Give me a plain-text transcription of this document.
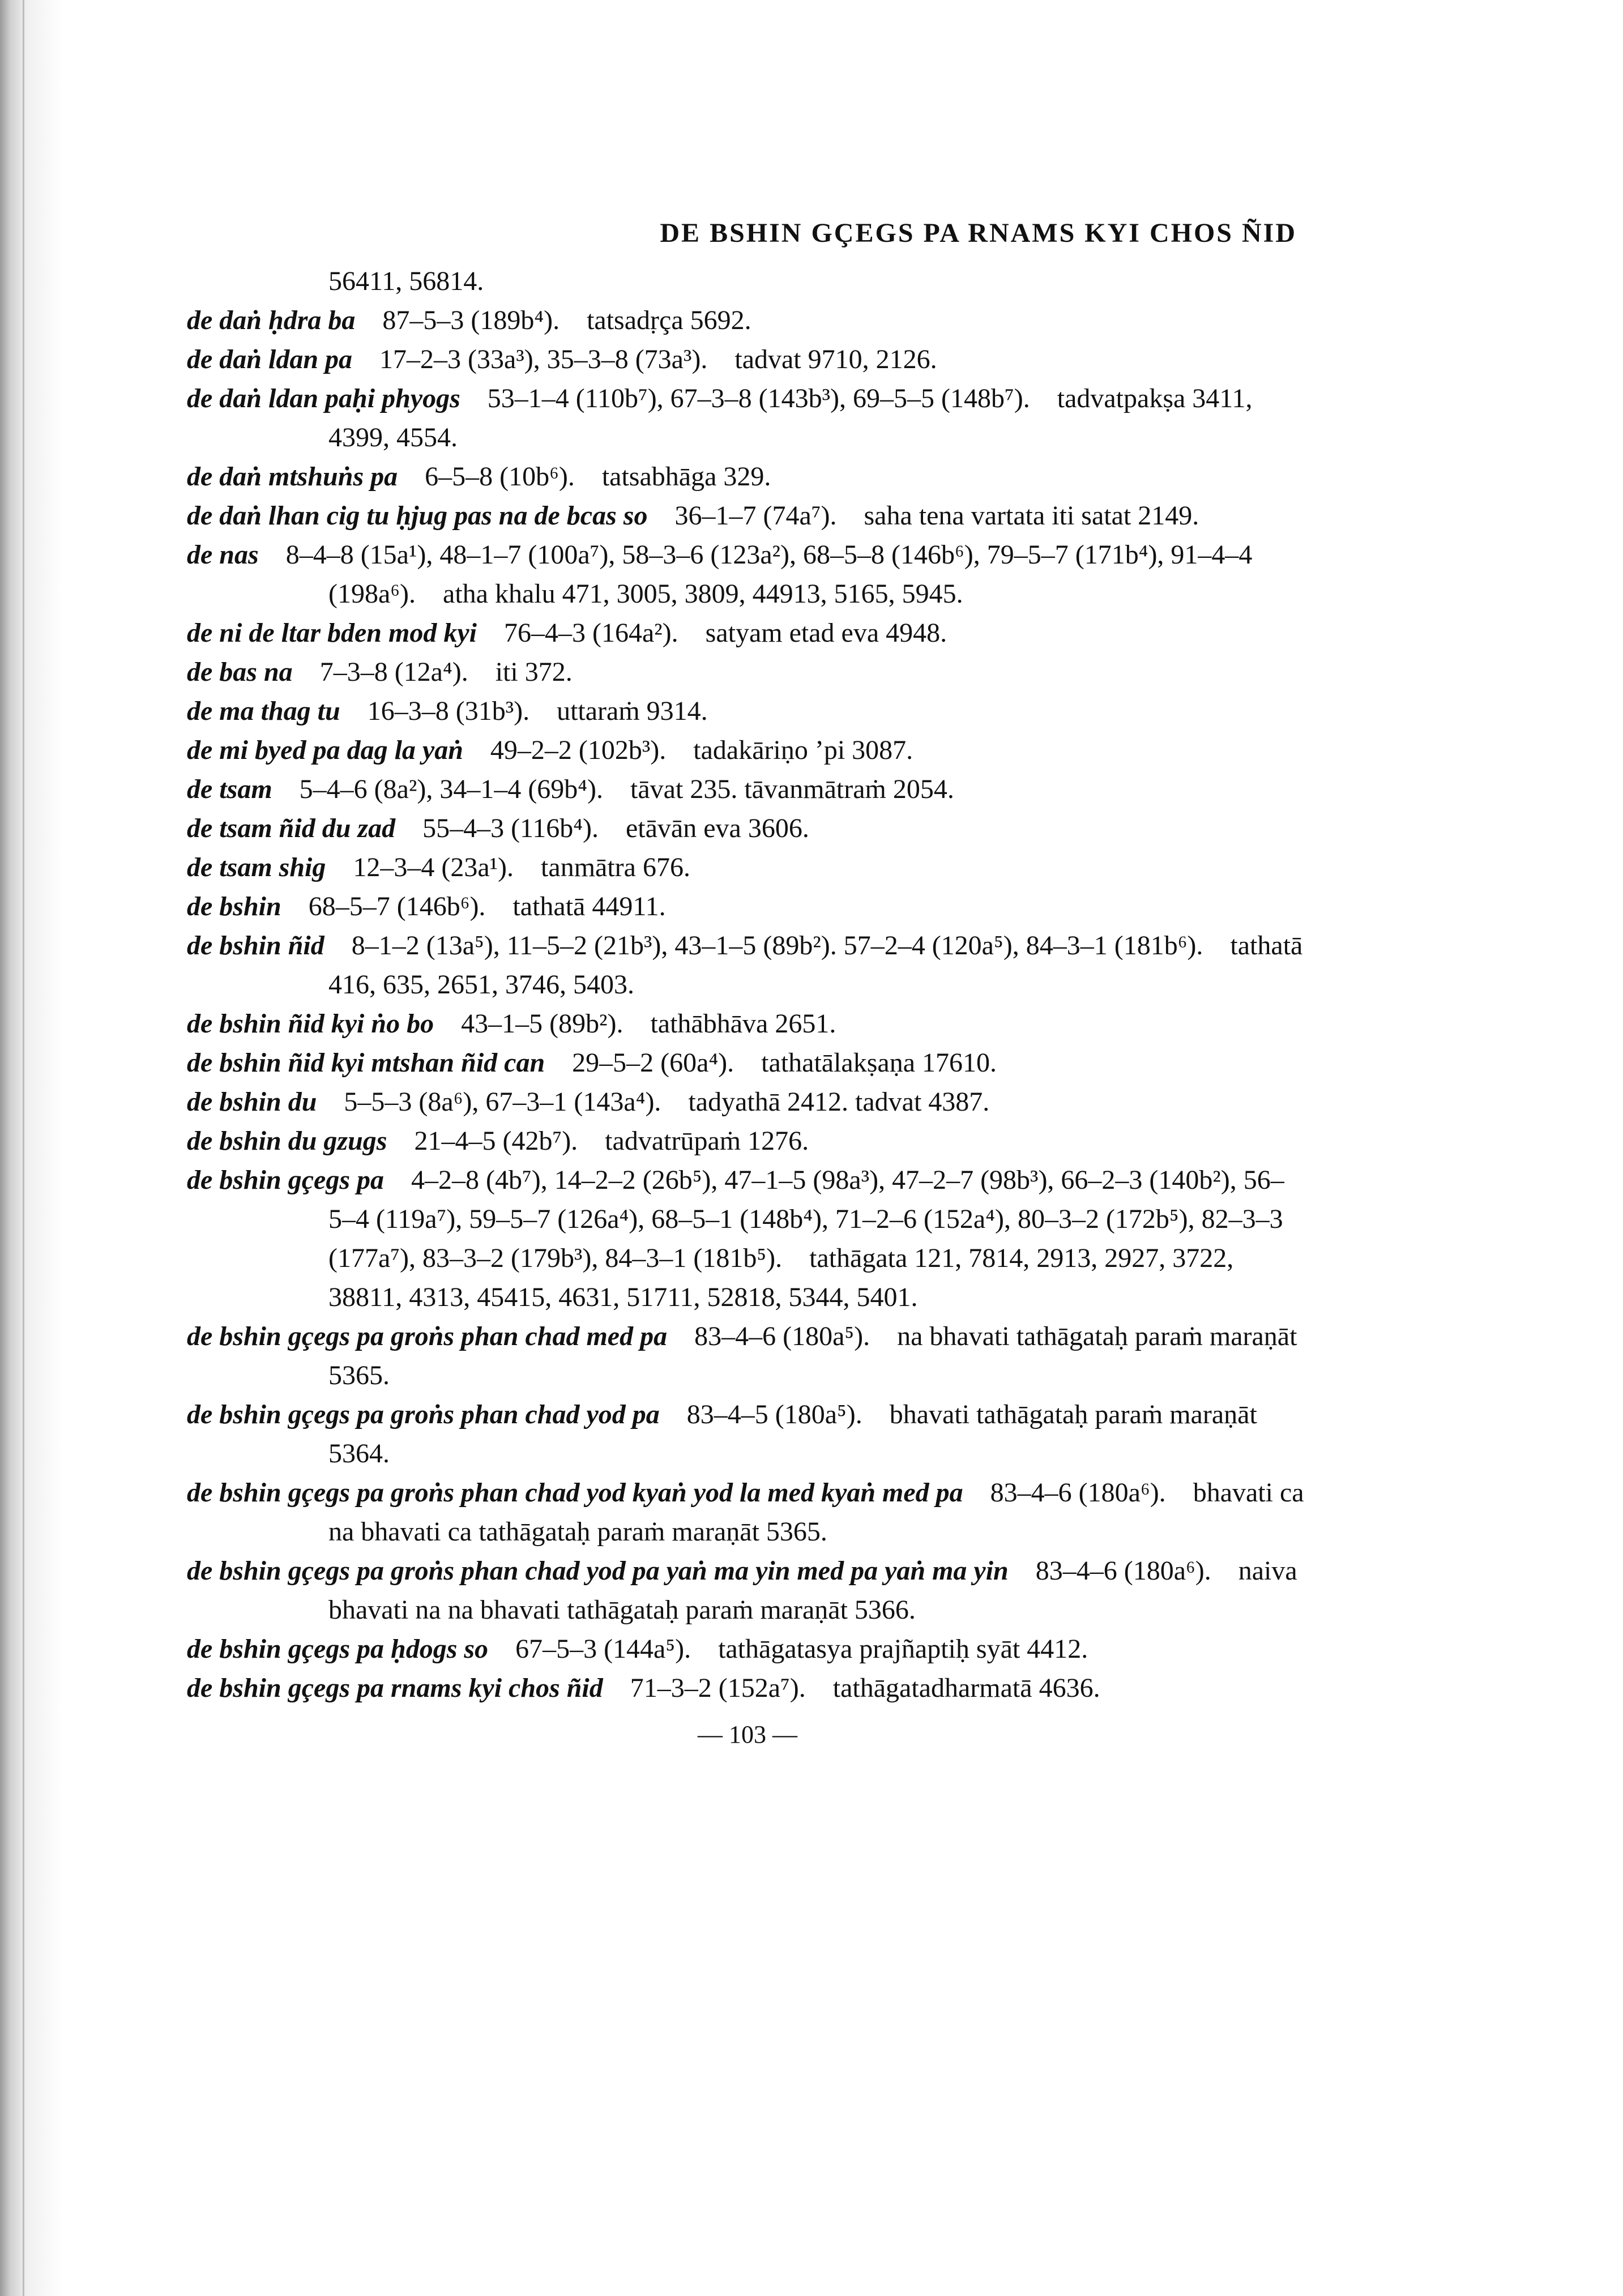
DE BSHIN GÇEGS PA RNAMS KYI CHOS ÑID
56411, 56814.
de daṅ ḥdra ba  87–5–3 (189b⁴).  tatsadṛça 5692.
de daṅ ldan pa  17–2–3 (33a³), 35–3–8 (73a³).  tadvat 9710, 2126.
de daṅ ldan paḥi phyogs  53–1–4 (110b⁷), 67–3–8 (143b³), 69–5–5 (148b⁷).  tadvatpakṣa 3411, 4399, 4554.
de daṅ mtshuṅs pa  6–5–8 (10b⁶).  tatsabhāga 329.
de daṅ lhan cig tu ḥjug pas na de bcas so  36–1–7 (74a⁷).  saha tena vartata iti satat 2149.
de nas  8–4–8 (15a¹), 48–1–7 (100a⁷), 58–3–6 (123a²), 68–5–8 (146b⁶), 79–5–7 (171b⁴), 91–4–4 (198a⁶).  atha khalu 471, 3005, 3809, 44913, 5165, 5945.
de ni de ltar bden mod kyi  76–4–3 (164a²).  satyam etad eva 4948.
de bas na  7–3–8 (12a⁴).  iti 372.
de ma thag tu  16–3–8 (31b³).  uttaraṁ 9314.
de mi byed pa dag la yaṅ  49–2–2 (102b³).  tadakāriṇo ’pi 3087.
de tsam  5–4–6 (8a²), 34–1–4 (69b⁴).  tāvat 235. tāvanmātraṁ 2054.
de tsam ñid du zad  55–4–3 (116b⁴).  etāvān eva 3606.
de tsam shig  12–3–4 (23a¹).  tanmātra 676.
de bshin  68–5–7 (146b⁶).  tathatā 44911.
de bshin ñid  8–1–2 (13a⁵), 11–5–2 (21b³), 43–1–5 (89b²). 57–2–4 (120a⁵), 84–3–1 (181b⁶).  tathatā 416, 635, 2651, 3746, 5403.
de bshin ñid kyi ṅo bo  43–1–5 (89b²).  tathābhāva 2651.
de bshin ñid kyi mtshan ñid can  29–5–2 (60a⁴).  tathatālakṣaṇa 17610.
de bshin du  5–5–3 (8a⁶), 67–3–1 (143a⁴).  tadyathā 2412. tadvat 4387.
de bshin du gzugs  21–4–5 (42b⁷).  tadvatrūpaṁ 1276.
de bshin gçegs pa  4–2–8 (4b⁷), 14–2–2 (26b⁵), 47–1–5 (98a³), 47–2–7 (98b³), 66–2–3 (140b²), 56–5–4 (119a⁷), 59–5–7 (126a⁴), 68–5–1 (148b⁴), 71–2–6 (152a⁴), 80–3–2 (172b⁵), 82–3–3 (177a⁷), 83–3–2 (179b³), 84–3–1 (181b⁵).  tathāgata 121, 7814, 2913, 2927, 3722, 38811, 4313, 45415, 4631, 51711, 52818, 5344, 5401.
de bshin gçegs pa groṅs phan chad med pa  83–4–6 (180a⁵).  na bhavati tathāgataḥ paraṁ maraṇāt 5365.
de bshin gçegs pa groṅs phan chad yod pa  83–4–5 (180a⁵).  bhavati tathāgataḥ paraṁ maraṇāt 5364.
de bshin gçegs pa groṅs phan chad yod kyaṅ yod la med kyaṅ med pa  83–4–6 (180a⁶).  bhavati ca na bhavati ca tathāgataḥ paraṁ maraṇāt 5365.
de bshin gçegs pa groṅs phan chad yod pa yaṅ ma yin med pa yaṅ ma yin  83–4–6 (180a⁶).  naiva bhavati na na bhavati tathāgataḥ paraṁ maraṇāt 5366.
de bshin gçegs pa ḥdogs so  67–5–3 (144a⁵).  tathāgatasya prajñaptiḥ syāt 4412.
de bshin gçegs pa rnams kyi chos ñid  71–3–2 (152a⁷).  tathāgatadharmatā 4636.
— 103 —
